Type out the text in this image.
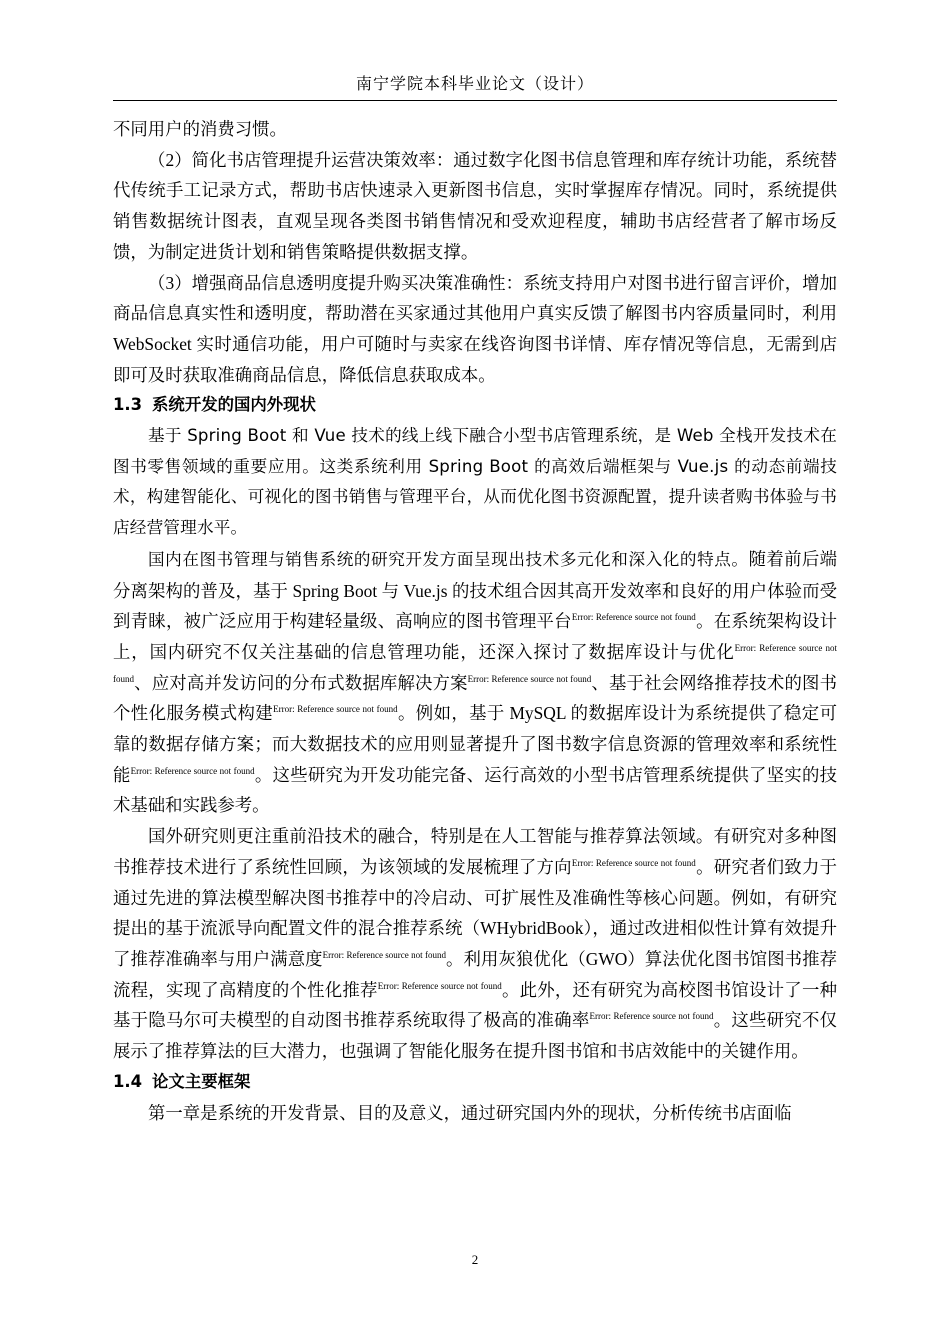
南宁学院本科毕业论文（设计）

不同用户的消费习惯。

（2）简化书店管理提升运营决策效率：通过数字化图书信息管理和库存统计功能，系统替代传统手工记录方式，帮助书店快速录入更新图书信息，实时掌握库存情况。同时，系统提供销售数据统计图表，直观呈现各类图书销售情况和受欢迎程度，辅助书店经营者了解市场反馈，为制定进货计划和销售策略提供数据支撑。

（3）增强商品信息透明度提升购买决策准确性：系统支持用户对图书进行留言评价，增加商品信息真实性和透明度，帮助潜在买家通过其他用户真实反馈了解图书内容质量同时，利用 WebSocket 实时通信功能，用户可随时与卖家在线咨询图书详情、库存情况等信息，无需到店即可及时获取准确商品信息，降低信息获取成本。

1.3 系统开发的国内外现状

基于 Spring Boot 和 Vue 技术的线上线下融合小型书店管理系统，是 Web 全栈开发技术在图书零售领域的重要应用。这类系统利用 Spring Boot 的高效后端框架与 Vue.js 的动态前端技术，构建智能化、可视化的图书销售与管理平台，从而优化图书资源配置，提升读者购书体验与书店经营管理水平。

国内在图书管理与销售系统的研究开发方面呈现出技术多元化和深入化的特点。随着前后端分离架构的普及，基于 Spring Boot 与 Vue.js 的技术组合因其高开发效率和良好的用户体验而受到青睐，被广泛应用于构建轻量级、高响应的图书管理平台$^{Error: Reference source not found}$。在系统架构设计上，国内研究不仅关注基础的信息管理功能，还深入探讨了数据库设计与优化$^{Error: Reference source not found}$、应对高并发访问的分布式数据库解决方案$^{Error: Reference source not found}$、基于社会网络推荐技术的图书个性化服务模式构建$^{Error: Reference source not found}$。例如，基于 MySQL 的数据库设计为系统提供了稳定可靠的数据存储方案；而大数据技术的应用则显著提升了图书数字信息资源的管理效率和系统性能$^{Error: Reference source not found}$。这些研究为开发功能完备、运行高效的小型书店管理系统提供了坚实的技术基础和实践参考。

国外研究则更注重前沿技术的融合，特别是在人工智能与推荐算法领域。有研究对多种图书推荐技术进行了系统性回顾，为该领域的发展梳理了方向$^{Error: Reference source not found}$。研究者们致力于通过先进的算法模型解决图书推荐中的冷启动、可扩展性及准确性等核心问题。例如，有研究提出的基于流派导向配置文件的混合推荐系统（WHybridBook），通过改进相似性计算有效提升了推荐准确率与用户满意度$^{Error: Reference source not found}$。利用灰狼优化（GWO）算法优化图书馆图书推荐流程，实现了高精度的个性化推荐$^{Error: Reference source not found}$。此外，还有研究为高校图书馆设计了一种基于隐马尔可夫模型的自动图书推荐系统取得了极高的准确率$^{Error: Reference source not found}$。这些研究不仅展示了推荐算法的巨大潜力，也强调了智能化服务在提升图书馆和书店效能中的关键作用。

1.4 论文主要框架

第一章是系统的开发背景、目的及意义，通过研究国内外的现状，分析传统书店面临

2
